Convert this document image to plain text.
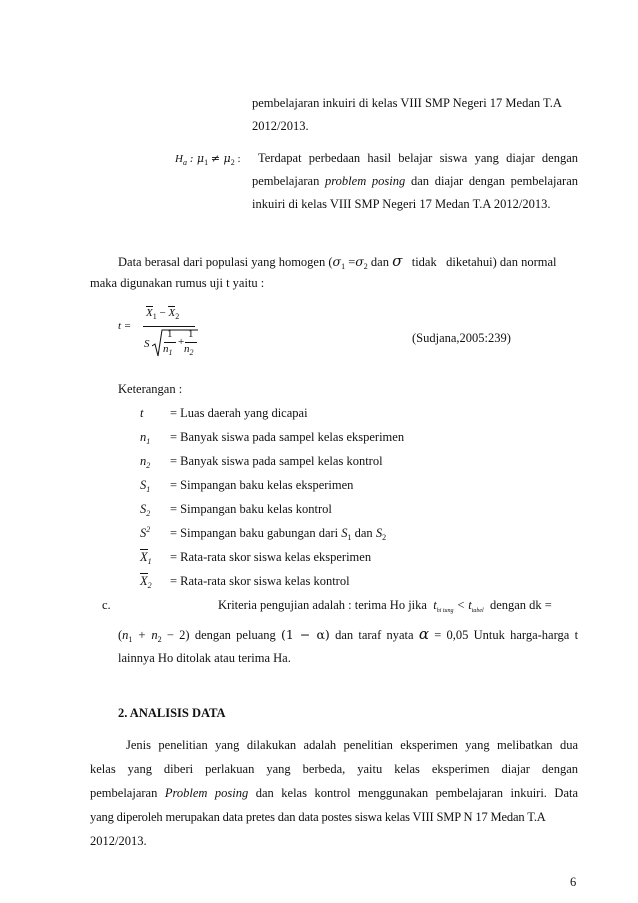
pembelajaran inkuiri di kelas VIII SMP Negeri 17 Medan T.A
2012/2013.
$H_a$ : $\mu_1 \ne \mu_2$ : Terdapat perbedaan hasil belajar siswa yang diajar dengan
pembelajaran problem posing dan diajar dengan pembelajaran
inkuiri di kelas VIII SMP Negeri 17 Medan T.A 2012/2013.
Data berasal dari populasi yang homogen ($\sigma_1 =\sigma_2$ dan σ tidak diketahui) dan normal
maka digunakan rumus uji t yaitu :
t =
$X_1 - X_2$
S
1
$n_1$
+
1
$n_2$
(Sudjana,2005:239)
Keterangan :
t = Luas daerah yang dicapai
$n_1$ = Banyak siswa pada sampel kelas eksperimen
$n_2$ = Banyak siswa pada sampel kelas kontrol
$S_1$ = Simpangan baku kelas eksperimen
$S_2$ = Simpangan baku kelas kontrol
$S^2$ = Simpangan baku gabungan dari $S_1$ dan $S_2$
$X_1$ = Rata-rata skor siswa kelas eksperimen
$X_2$ = Rata-rata skor siswa kelas kontrol
c.	Kriteria pengujian adalah : terima Ho jika $t_{hi tung} < t_{tabel}$ dengan dk =
$(n_1 + n_2 - 2)$ dengan peluang (1 − α) dan taraf nyata α = 0,05 Untuk harga-harga t
lainnya Ho ditolak atau terima Ha.
2. ANALISIS DATA
Jenis penelitian yang dilakukan adalah penelitian eksperimen yang melibatkan dua
kelas yang diberi perlakuan yang berbeda, yaitu kelas eksperimen diajar dengan
pembelajaran Problem posing dan kelas kontrol menggunakan pembelajaran inkuiri. Data
yang diperoleh merupakan data pretes dan data postes siswa kelas VIII SMP N 17 Medan T.A
2012/2013.
6
